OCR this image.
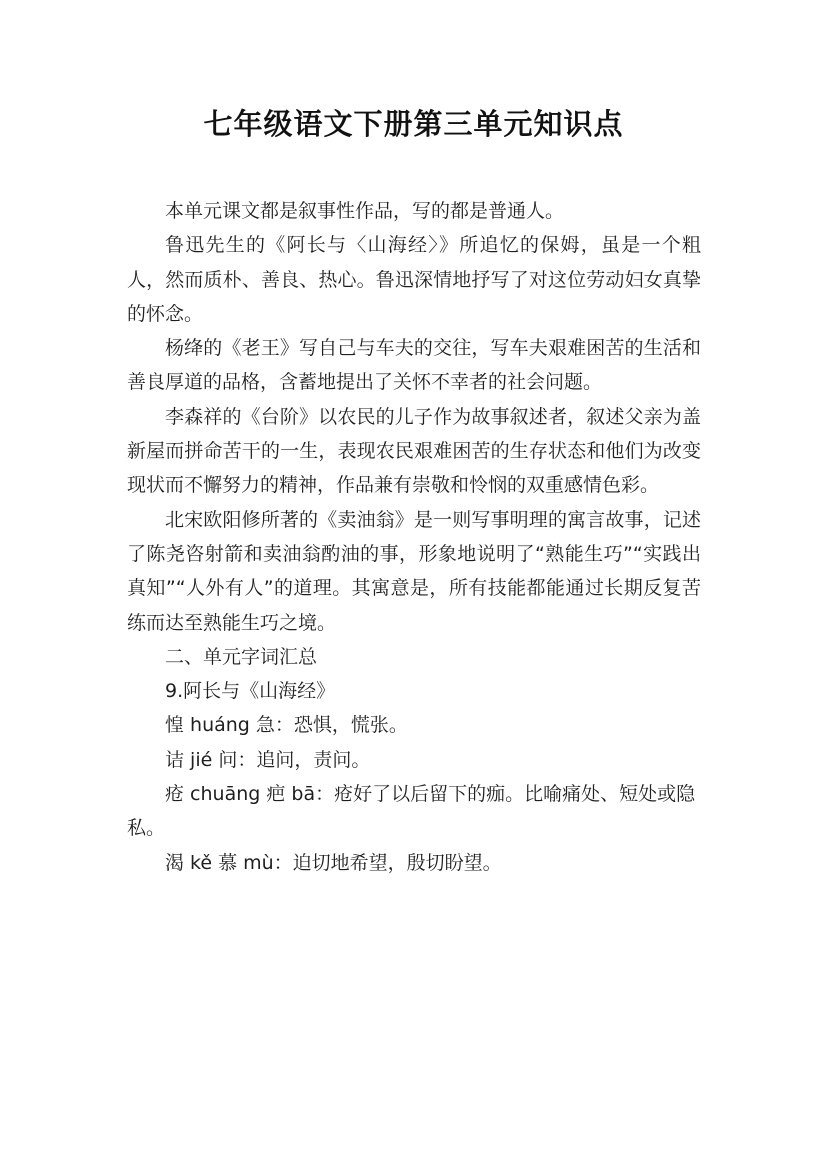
七年级语文下册第三单元知识点

本单元课文都是叙事性作品，写的都是普通人。

鲁迅先生的《阿长与〈山海经〉》所追忆的保姆，虽是一个粗人，然而质朴、善良、热心。鲁迅深情地抒写了对这位劳动妇女真挚的怀念。

杨绛的《老王》写自己与车夫的交往，写车夫艰难困苦的生活和善良厚道的品格，含蓄地提出了关怀不幸者的社会问题。

李森祥的《台阶》以农民的儿子作为故事叙述者，叙述父亲为盖新屋而拼命苦干的一生，表现农民艰难困苦的生存状态和他们为改变现状而不懈努力的精神，作品兼有崇敬和怜悯的双重感情色彩。

北宋欧阳修所著的《卖油翁》是一则写事明理的寓言故事，记述了陈尧咨射箭和卖油翁酌油的事，形象地说明了“熟能生巧”“实践出真知”“人外有人”的道理。其寓意是，所有技能都能通过长期反复苦练而达至熟能生巧之境。

二、单元字词汇总

9.阿长与《山海经》

惶 huáng 急：恐惧，慌张。

诘 jié 问：追问，责问。

疮 chuāng 疤 bā：疮好了以后留下的痂。比喻痛处、短处或隐私。

渴 kě 慕 mù：迫切地希望，殷切盼望。
